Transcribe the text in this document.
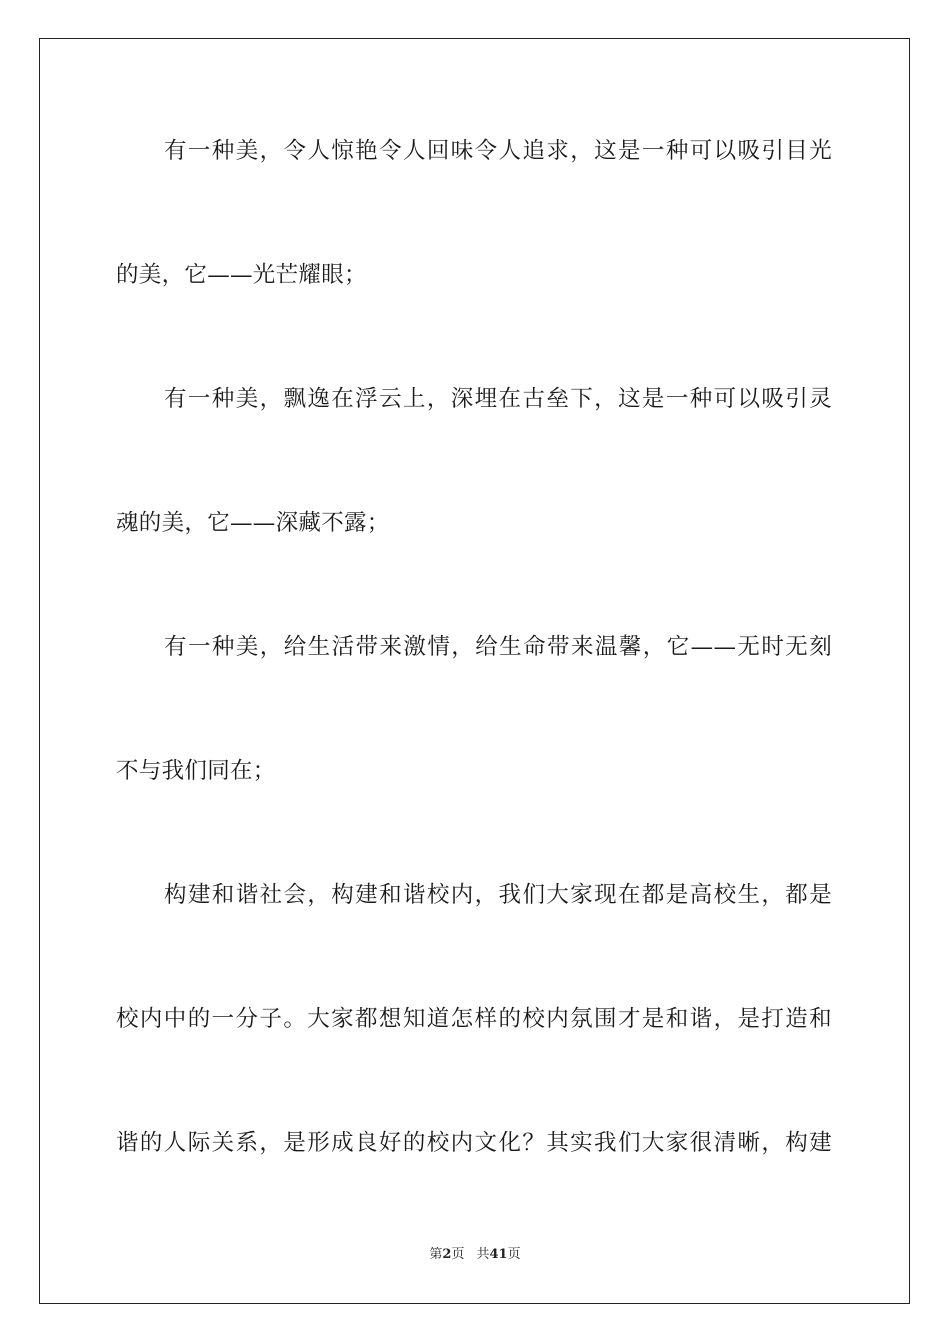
有一种美，令人惊艳令人回味令人追求，这是一种可以吸引目光
的美，它——光芒耀眼；
有一种美，飘逸在浮云上，深埋在古垒下，这是一种可以吸引灵
魂的美，它——深藏不露；
有一种美，给生活带来激情，给生命带来温馨，它——无时无刻
不与我们同在；
构建和谐社会，构建和谐校内，我们大家现在都是高校生，都是
校内中的一分子。大家都想知道怎样的校内氛围才是和谐，是打造和
谐的人际关系，是形成良好的校内文化？其实我们大家很清晰，构建
第2页 共41页
